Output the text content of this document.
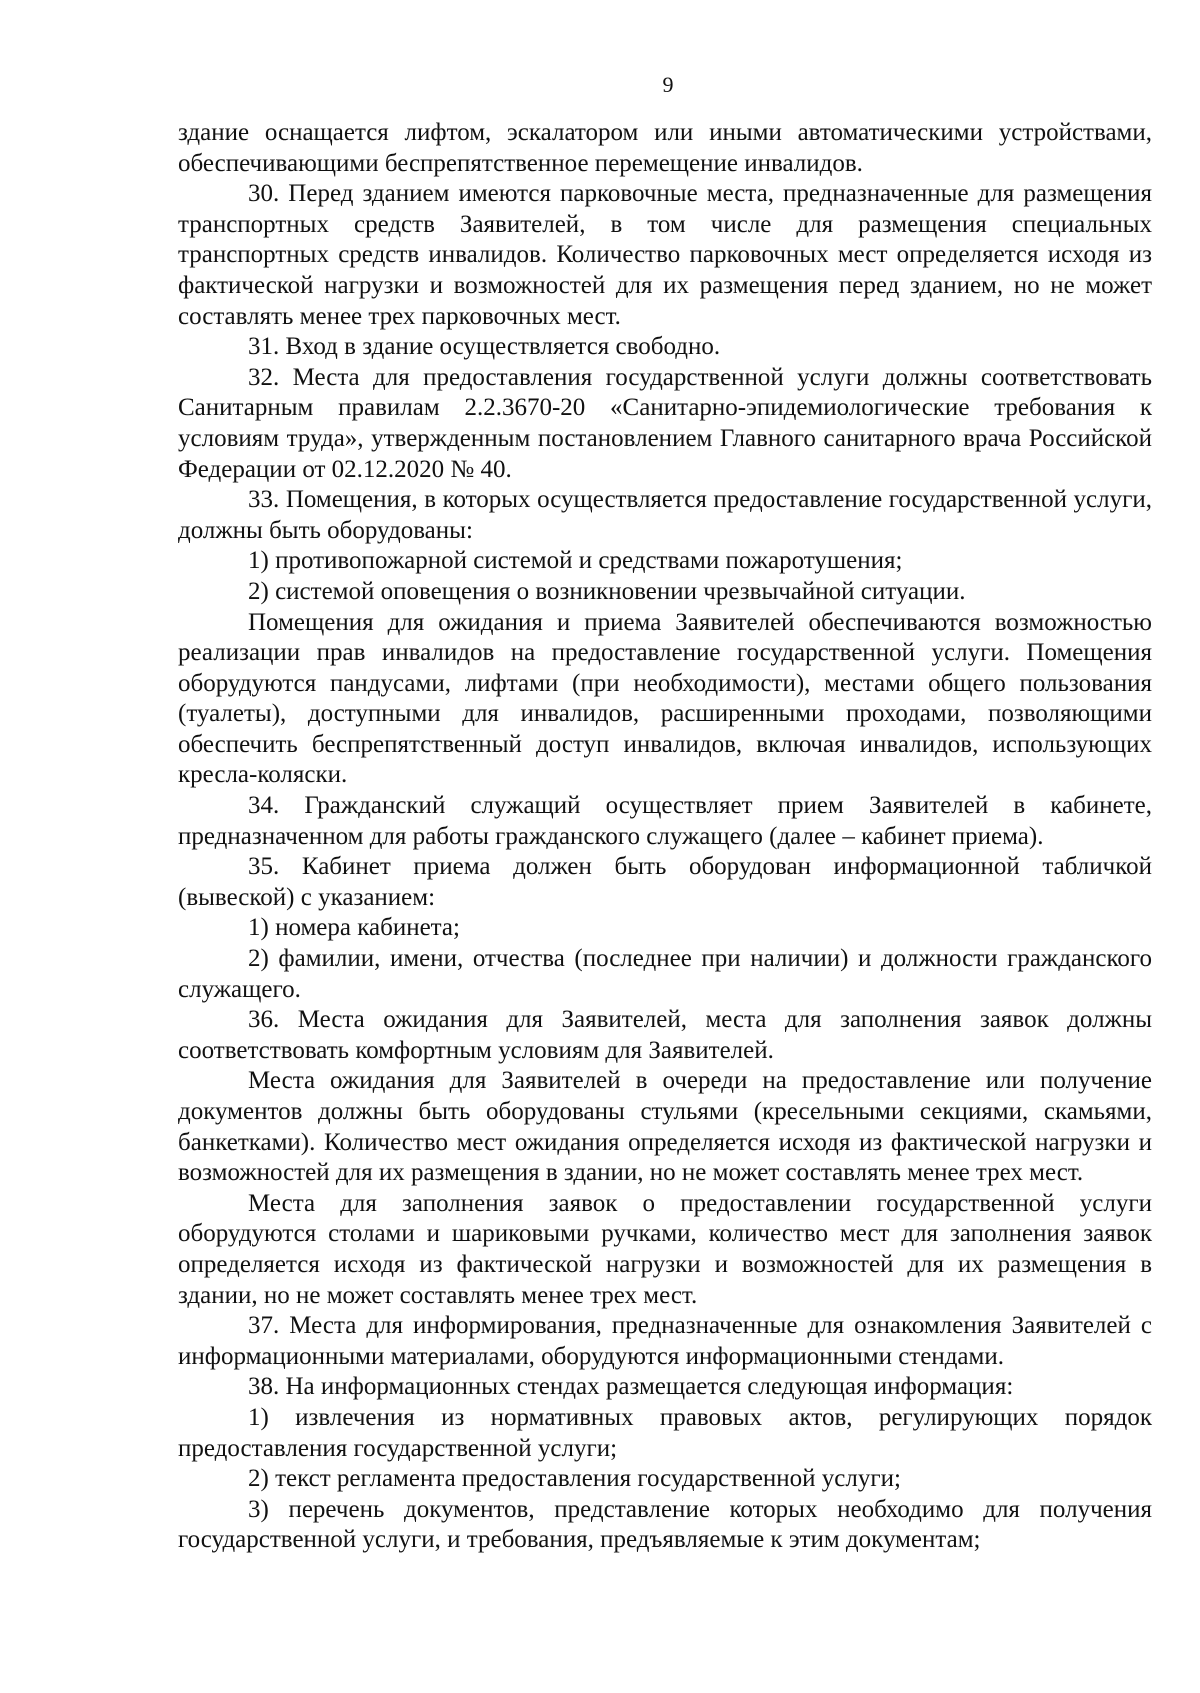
9

здание оснащается лифтом, эскалатором или иными автоматическими устройствами, обеспечивающими беспрепятственное перемещение инвалидов.

30. Перед зданием имеются парковочные места, предназначенные для размещения транспортных средств Заявителей, в том числе для размещения специальных транспортных средств инвалидов. Количество парковочных мест определяется исходя из фактической нагрузки и возможностей для их размещения перед зданием, но не может составлять менее трех парковочных мест.

31. Вход в здание осуществляется свободно.

32. Места для предоставления государственной услуги должны соответствовать Санитарным правилам 2.2.3670-20 «Санитарно-эпидемиологические требования к условиям труда», утвержденным постановлением Главного санитарного врача Российской Федерации от 02.12.2020 № 40.

33. Помещения, в которых осуществляется предоставление государственной услуги, должны быть оборудованы:

1) противопожарной системой и средствами пожаротушения;

2) системой оповещения о возникновении чрезвычайной ситуации.

Помещения для ожидания и приема Заявителей обеспечиваются возможностью реализации прав инвалидов на предоставление государственной услуги. Помещения оборудуются пандусами, лифтами (при необходимости), местами общего пользования (туалеты), доступными для инвалидов, расширенными проходами, позволяющими обеспечить беспрепятственный доступ инвалидов, включая инвалидов, использующих кресла-коляски.

34. Гражданский служащий осуществляет прием Заявителей в кабинете, предназначенном для работы гражданского служащего (далее – кабинет приема).

35. Кабинет приема должен быть оборудован информационной табличкой (вывеской) с указанием:

1) номера кабинета;

2) фамилии, имени, отчества (последнее при наличии) и должности гражданского служащего.

36. Места ожидания для Заявителей, места для заполнения заявок должны соответствовать комфортным условиям для Заявителей.

Места ожидания для Заявителей в очереди на предоставление или получение документов должны быть оборудованы стульями (кресельными секциями, скамьями, банкетками). Количество мест ожидания определяется исходя из фактической нагрузки и возможностей для их размещения в здании, но не может составлять менее трех мест.

Места для заполнения заявок о предоставлении государственной услуги оборудуются столами и шариковыми ручками, количество мест для заполнения заявок определяется исходя из фактической нагрузки и возможностей для их размещения в здании, но не может составлять менее трех мест.

37. Места для информирования, предназначенные для ознакомления Заявителей с информационными материалами, оборудуются информационными стендами.

38. На информационных стендах размещается следующая информация:

1) извлечения из нормативных правовых актов, регулирующих порядок предоставления государственной услуги;

2) текст регламента предоставления государственной услуги;

3) перечень документов, представление которых необходимо для получения государственной услуги, и требования, предъявляемые к этим документам;
